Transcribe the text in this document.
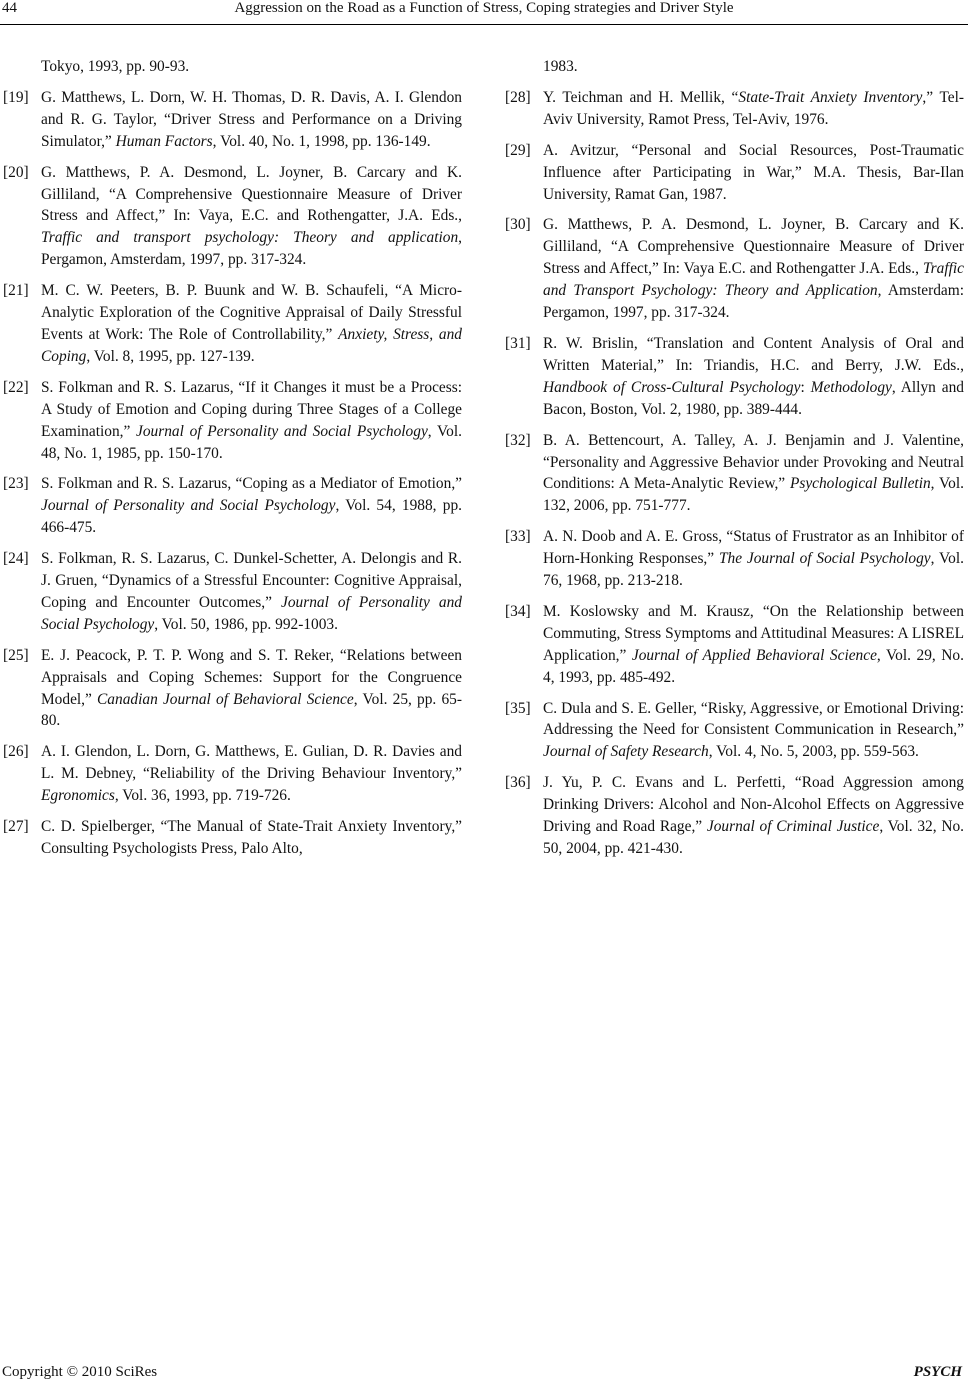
44	Aggression on the Road as a Function of Stress, Coping strategies and Driver Style
Tokyo, 1993, pp. 90-93.
[19] G. Matthews, L. Dorn, W. H. Thomas, D. R. Davis, A. I. Glendon and R. G. Taylor, “Driver Stress and Performance on a Driving Simulator,” Human Factors, Vol. 40, No. 1, 1998, pp. 136-149.
[20] G. Matthews, P. A. Desmond, L. Joyner, B. Carcary and K. Gilliland, “A Comprehensive Questionnaire Measure of Driver Stress and Affect,” In: Vaya, E.C. and Rothengatter, J.A. Eds., Traffic and transport psychology: Theory and application, Pergamon, Amsterdam, 1997, pp. 317-324.
[21] M. C. W. Peeters, B. P. Buunk and W. B. Schaufeli, “A Micro-Analytic Exploration of the Cognitive Appraisal of Daily Stressful Events at Work: The Role of Controllability,” Anxiety, Stress, and Coping, Vol. 8, 1995, pp. 127-139.
[22] S. Folkman and R. S. Lazarus, “If it Changes it must be a Process: A Study of Emotion and Coping during Three Stages of a College Examination,” Journal of Personality and Social Psychology, Vol. 48, No. 1, 1985, pp. 150-170.
[23] S. Folkman and R. S. Lazarus, “Coping as a Mediator of Emotion,” Journal of Personality and Social Psychology, Vol. 54, 1988, pp. 466-475.
[24] S. Folkman, R. S. Lazarus, C. Dunkel-Schetter, A. Delongis and R. J. Gruen, “Dynamics of a Stressful Encounter: Cognitive Appraisal, Coping and Encounter Outcomes,” Journal of Personality and Social Psychology, Vol. 50, 1986, pp. 992-1003.
[25] E. J. Peacock, P. T. P. Wong and S. T. Reker, “Relations between Appraisals and Coping Schemes: Support for the Congruence Model,” Canadian Journal of Behavioral Science, Vol. 25, pp. 65-80.
[26] A. I. Glendon, L. Dorn, G. Matthews, E. Gulian, D. R. Davies and L. M. Debney, “Reliability of the Driving Behaviour Inventory,” Egronomics, Vol. 36, 1993, pp. 719-726.
[27] C. D. Spielberger, “The Manual of State-Trait Anxiety Inventory,” Consulting Psychologists Press, Palo Alto,
1983.
[28] Y. Teichman and H. Mellik, “State-Trait Anxiety Inventory,” Tel-Aviv University, Ramot Press, Tel-Aviv, 1976.
[29] A. Avitzur, “Personal and Social Resources, Post-Traumatic Influence after Participating in War,” M.A. Thesis, Bar-Ilan University, Ramat Gan, 1987.
[30] G. Matthews, P. A. Desmond, L. Joyner, B. Carcary and K. Gilliland, “A Comprehensive Questionnaire Measure of Driver Stress and Affect,” In: Vaya E.C. and Rothengatter J.A. Eds., Traffic and Transport Psychology: Theory and Application, Amsterdam: Pergamon, 1997, pp. 317-324.
[31] R. W. Brislin, “Translation and Content Analysis of Oral and Written Material,” In: Triandis, H.C. and Berry, J.W. Eds., Handbook of Cross-Cultural Psychology: Methodology, Allyn and Bacon, Boston, Vol. 2, 1980, pp. 389-444.
[32] B. A. Bettencourt, A. Talley, A. J. Benjamin and J. Valentine, “Personality and Aggressive Behavior under Provoking and Neutral Conditions: A Meta-Analytic Review,” Psychological Bulletin, Vol. 132, 2006, pp. 751-777.
[33] A. N. Doob and A. E. Gross, “Status of Frustrator as an Inhibitor of Horn-Honking Responses,” The Journal of Social Psychology, Vol. 76, 1968, pp. 213-218.
[34] M. Koslowsky and M. Krausz, “On the Relationship between Commuting, Stress Symptoms and Attitudinal Measures: A LISREL Application,” Journal of Applied Behavioral Science, Vol. 29, No. 4, 1993, pp. 485-492.
[35] C. Dula and S. E. Geller, “Risky, Aggressive, or Emotional Driving: Addressing the Need for Consistent Communication in Research,” Journal of Safety Research, Vol. 4, No. 5, 2003, pp. 559-563.
[36] J. Yu, P. C. Evans and L. Perfetti, “Road Aggression among Drinking Drivers: Alcohol and Non-Alcohol Effects on Aggressive Driving and Road Rage,” Journal of Criminal Justice, Vol. 32, No. 50, 2004, pp. 421-430.
Copyright © 2010 SciRes	PSYCH
